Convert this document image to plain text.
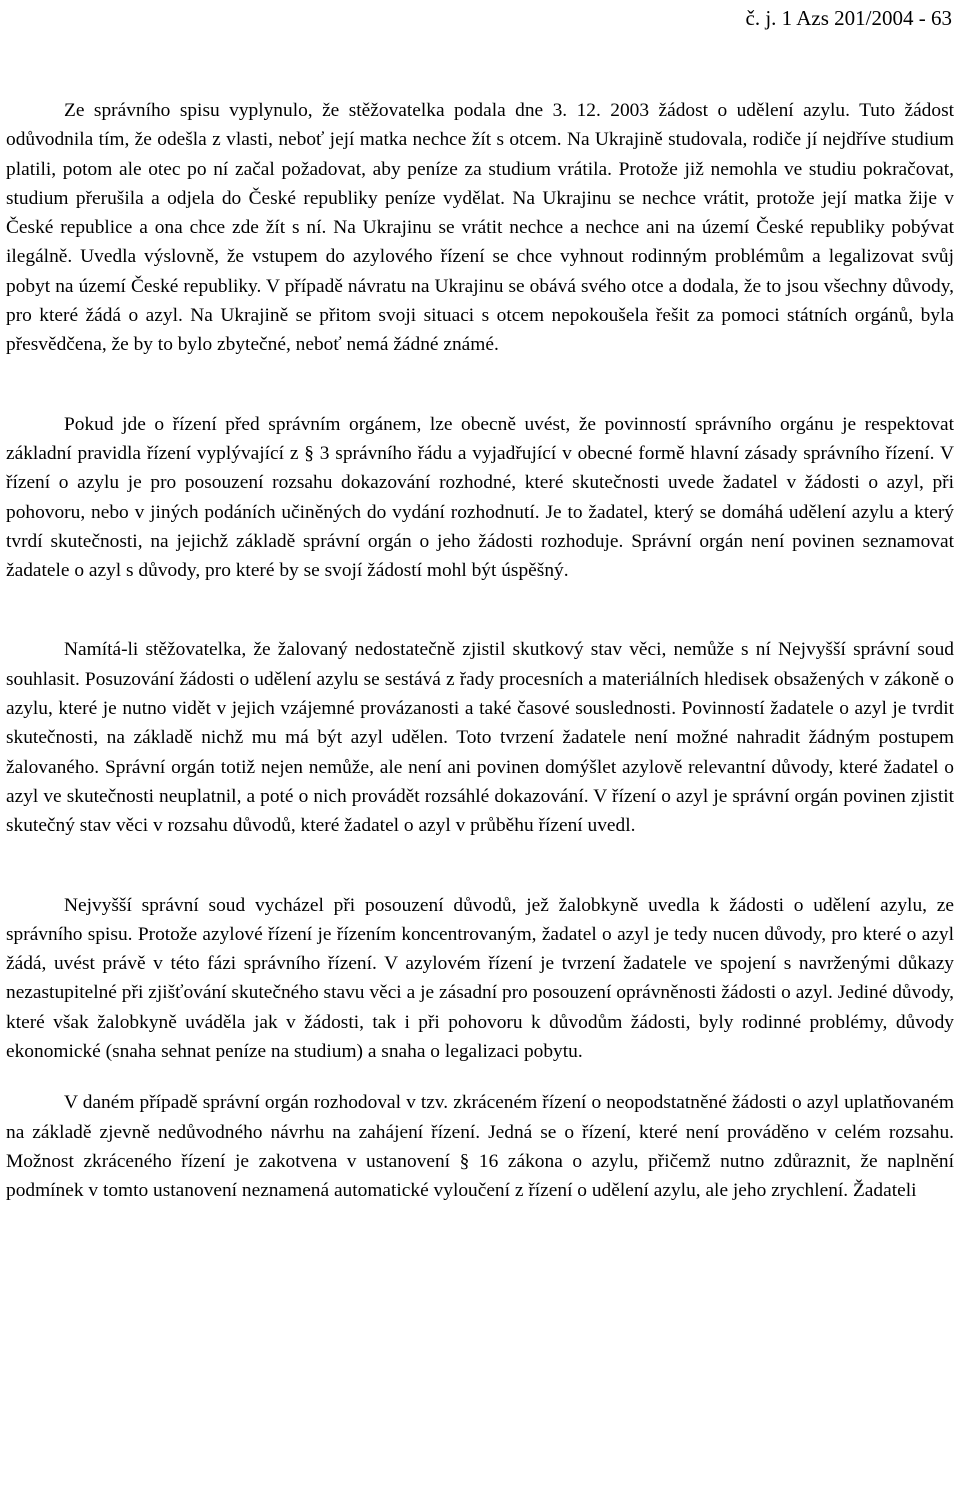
č. j. 1 Azs 201/2004 - 63

Ze správního spisu vyplynulo, že stěžovatelka podala dne 3. 12. 2003 žádost o udělení azylu. Tuto žádost odůvodnila tím, že odešla z vlasti, neboť její matka nechce žít s otcem. Na Ukrajině studovala, rodiče jí nejdříve studium platili, potom ale otec po ní začal požadovat, aby peníze za studium vrátila. Protože již nemohla ve studiu pokračovat, studium přerušila a odjela do České republiky peníze vydělat. Na Ukrajinu se nechce vrátit, protože její matka žije v České republice a ona chce zde žít s ní. Na Ukrajinu se vrátit nechce a nechce ani na území České republiky pobývat ilegálně. Uvedla výslovně, že vstupem do azylového řízení se chce vyhnout rodinným problémům a legalizovat svůj pobyt na území České republiky. V případě návratu na Ukrajinu se obává svého otce a dodala, že to jsou všechny důvody, pro které žádá o azyl. Na Ukrajině se přitom svoji situaci s otcem nepokoušela řešit za pomoci státních orgánů, byla přesvědčena, že by to bylo zbytečné, neboť nemá žádné známé.

Pokud jde o řízení před správním orgánem, lze obecně uvést, že povinností správního orgánu je respektovat základní pravidla řízení vyplývající z § 3 správního řádu a vyjadřující v obecné formě hlavní zásady správního řízení. V řízení o azylu je pro posouzení rozsahu dokazování rozhodné, které skutečnosti uvede žadatel v žádosti o azyl, při pohovoru, nebo v jiných podáních učiněných do vydání rozhodnutí. Je to žadatel, který se domáhá udělení azylu a který tvrdí skutečnosti, na jejichž základě správní orgán o jeho žádosti rozhoduje. Správní orgán není povinen seznamovat žadatele o azyl s důvody, pro které by se svojí žádostí mohl být úspěšný.

Namítá-li stěžovatelka, že žalovaný nedostatečně zjistil skutkový stav věci, nemůže s ní Nejvyšší správní soud souhlasit. Posuzování žádosti o udělení azylu se sestává z řady procesních a materiálních hledisek obsažených v zákoně o azylu, které je nutno vidět v jejich vzájemné provázanosti a také časové souslednosti. Povinností žadatele o azyl je tvrdit skutečnosti, na základě nichž mu má být azyl udělen. Toto tvrzení žadatele není možné nahradit žádným postupem žalovaného. Správní orgán totiž nejen nemůže, ale není ani povinen domýšlet azylově relevantní důvody, které žadatel o azyl ve skutečnosti neuplatnil, a poté o nich provádět rozsáhlé dokazování. V řízení o azyl je správní orgán povinen zjistit skutečný stav věci v rozsahu důvodů, které žadatel o azyl v průběhu řízení uvedl.

Nejvyšší správní soud vycházel při posouzení důvodů, jež žalobkyně uvedla k žádosti o udělení azylu, ze správního spisu. Protože azylové řízení je řízením koncentrovaným, žadatel o azyl je tedy nucen důvody, pro které o azyl žádá, uvést právě v této fázi správního řízení. V azylovém řízení je tvrzení žadatele ve spojení s navrženými důkazy nezastupitelné při zjišťování skutečného stavu věci a je zásadní pro posouzení oprávněnosti žádosti o azyl. Jediné důvody, které však žalobkyně uváděla jak v žádosti, tak i při pohovoru k důvodům žádosti, byly rodinné problémy, důvody ekonomické (snaha sehnat peníze na studium) a snaha o legalizaci pobytu.

V daném případě správní orgán rozhodoval v tzv. zkráceném řízení o neopodstatněné žádosti o azyl uplatňovaném na základě zjevně nedůvodného návrhu na zahájení řízení. Jedná se o řízení, které není prováděno v celém rozsahu. Možnost zkráceného řízení je zakotvena v ustanovení § 16 zákona o azylu, přičemž nutno zdůraznit, že naplnění podmínek v tomto ustanovení neznamená automatické vyloučení z řízení o udělení azylu, ale jeho zrychlení. Žadateli
